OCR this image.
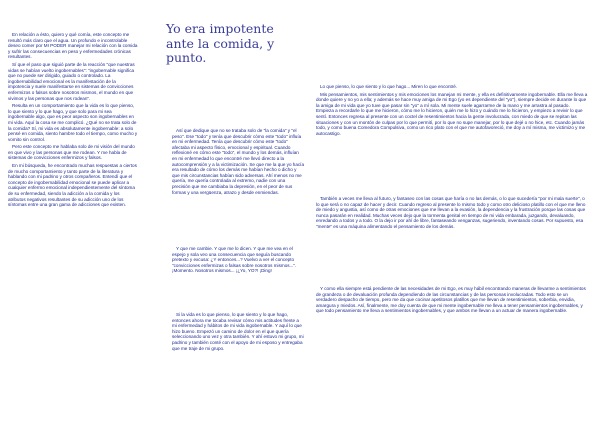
Yo era impotente

ante la comida, y

punto.

En relación a ésto, quiero y qué comía, este concepto me resultó más claro que el agua. Un profundo e incontrolable deseo comer por MI PODER manejar mi relación con la comida y sufrir las consecuencias en peso y enfermedades crónicas resultantes.

Sí que el paso que siguió parte de la reacción "que nuestras vidas se habían vuelto ingobernables": "ingobernable significa que no puede ser dirigido, guiado o controlado. La ingobernabilidad emocional es la manifestación de la impotencia y suele manifestarse en sistemas de convicciones enfermizos o falsos sobre nosotros mismos, el mundo en que vivimos y las personas que nos rodean".

Resulta en un comportamiento que la vida es lo que pienso, lo que siento y lo que hago, y que solo para mi sea ingobernable algo, que es peor aspecto son ingobernables en mi vida. Aquí la cosa se me complicó. ¿Qué no se trata solo de la comida? Sí, mi vida es absolutamente ingobernable: a solo pensé en comida, siento hambre todo el tiempo, como mucho y vomito sin control.

Pero este concepto me hablaba solo de mi visión del mundo en que vivo y las personas que me rodean. Y me habla de sistemas de convicciones enfermizos y falsos.

En mi búsqueda, he encontrado muchas respuestas a ciertos de mucho comportamiento y tanto parte de la literatura y hablando con mi padrino y otros compañeros. Entendí que el concepto de ingobernabilidad emocional se puede aplicar a cualquier enfermo emocional independientemente del síntoma de su enfermedad, siendo la adicción a la comida y los atributos negativos resultantes de su adicción uno de los síntomas entre una gran gama de adicciones que existen.

Así que dedique que no se trataba solo de "la comida" y "el peso". Ese "todo" y tenía que descubrir cómo este "todo" influía en mi enfermedad. Tenía que descubrir cómo este "todo" afectaba mi aspecto físico, emocional y espiritual. Cuando reflexioné en cómo este "todo", el mundo y los demás, influían en mi enfermedad lo que encontré me llevó directo a la autocomprensión y a la victimización. Se que me la que yo hacía era resultado de cómo los demás me habían hecho o dicho y que mis circunstancias habían sido adversas. Ahí menos no me quería, me quería controlada al extremo, nadie con una precisión que me cambiaba la depresión, en el peor de sus formas y una vergüenza, atrazo y desde enmiendas.

Y que me cambie. Y que me lo dicen. Y que me vea en el espejo y sola veo una consecuencia que seguía buscando pretexto y excusa: ¿Y entonces...? Vuelvo a ver el concepto "convicciones enfermizas o falsas sobre nosotros mismos...". ¡Momento. Nosotros mismos... ¡¿Yo, YO?! ¡Ding!

Si la vida es lo que pienso, lo que siento y lo que hago, entonces ahora me tocaba revisar cómo mis actitudes frente a mi enfermedad y hábitos de mi vida ingobernable. Y aquí lo que hizo bueno. Empezó un camino de dolor en el que quería seleccionando uno vez y otra también. Y ahí estuvo mi grupo, mi padrino y también conté con el apoyo de mi esposo y entregaba que me traje de mi grupo.

Lo que pienso, lo que siento y lo que hago... Miren lo que encontré.

Mis pensamientos, mis sentimientos y mis emociones los manejan mi mente, y ella es definitivamente ingobernable. Ella me lleva a donde quiere y no yo a ella; y además se hace muy amiga de mi Ego (yo es dependiente del "yo"), siempre decide en durante lo que la amiga de mi vida que yo tuve que pasar sin "yo" a mí sola. Mi mente suele agarrarme de la mano y me arrastra al pasado. Empieza a recordarle lo que me hicieron, cómo me lo hicieron, quién me lo hizo y cuándo me lo hicieron, y empiezo a revivir lo que sentí. Entonces regresa al presente con un coctel de resentimientos hacia la gente involucrada, con miedo de que se repitan las situaciones y con un montón de culpas por lo que permití, por lo que no supe manejar, por lo que dejé o no hice, etc. Cuando jamás todo, y como buena Comedora Compulsiva, como un rico plato con el que me autofavoreció, me doy a mí misma, me victimizo y me autocastigo.

También a veces me lleva al futuro, y fantaseo con las cosas que haría o no las demás, o lo que sucedería "por mi mala suerte", o lo que será o no capaz de hacer y decir. Cuando regreso al presente lo mismo todo y como otro delicioso platillo con el que me lleno de miedo y angustia, así como de otras emociones que me llevan a la evasión, la dependencia y la frustración porque las cosas que nunca pasarán en realidad. Muchas veces dejo que la tormenta genital en tiempo de mi vida embarada, juzgando, devaluando, enredando a todos y a todo. O la dejo ir por ahí de libre, fantaseando venganzas, sugeriendo, inventando cosas. Por supuesto, esa "mente" es una máquina alimentando el pensamiento de los demás.

Y como ella siempre está pendiente de las necesidades de mi Ego, es muy hábil encontrando maneras de llevarme a sentimientos de grandeza o de devaluación profunda dependiendo de las circunstancias y de las personas involucradas. Todo esto se un verdadero despacho de tiempo, pero me da que cocinar apetitosos platillos que me llevan de resentimientos, soberbia, envidia, amargura y miedos. Así, finalmente, me doy cuenta de que mi mente ingobernable me lleva a tener pensamientos ingobernables, y que todo pensamiento me lleva a sentimientos ingobernables, y que ambos me llevan a un actuar de manera ingobernable.
